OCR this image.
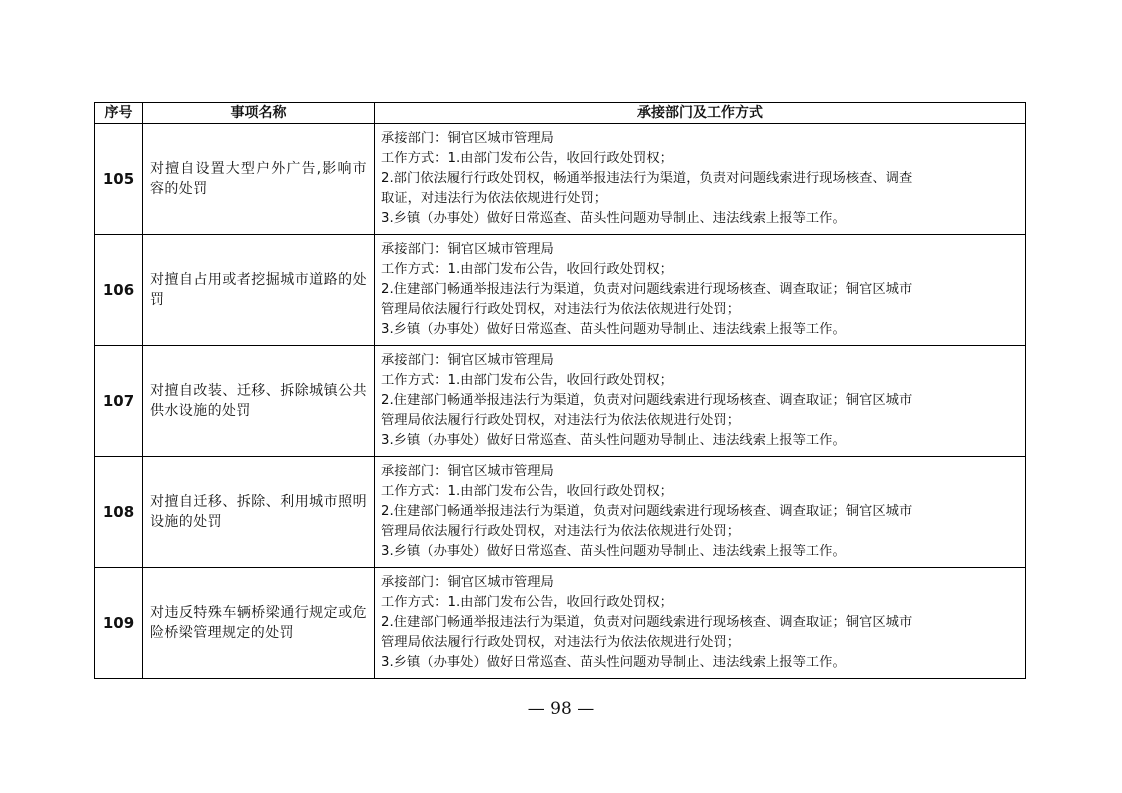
序号	事项名称	承接部门及工作方式
105	对擅自设置大型户外广告,影响市容的处罚	承接部门：铜官区城市管理局
工作方式：1.由部门发布公告，收回行政处罚权；
2.部门依法履行行政处罚权，畅通举报违法行为渠道，负责对问题线索进行现场核查、调查
取证，对违法行为依法依规进行处罚；
3.乡镇（办事处）做好日常巡查、苗头性问题劝导制止、违法线索上报等工作。

106	对擅自占用或者挖掘城市道路的处罚	承接部门：铜官区城市管理局
工作方式：1.由部门发布公告，收回行政处罚权；
2.住建部门畅通举报违法行为渠道，负责对问题线索进行现场核查、调查取证；铜官区城市
管理局依法履行行政处罚权，对违法行为依法依规进行处罚；
3.乡镇（办事处）做好日常巡查、苗头性问题劝导制止、违法线索上报等工作。

107	对擅自改装、迁移、拆除城镇公共供水设施的处罚	承接部门：铜官区城市管理局
工作方式：1.由部门发布公告，收回行政处罚权；
2.住建部门畅通举报违法行为渠道，负责对问题线索进行现场核查、调查取证；铜官区城市
管理局依法履行行政处罚权，对违法行为依法依规进行处罚；
3.乡镇（办事处）做好日常巡查、苗头性问题劝导制止、违法线索上报等工作。

108	对擅自迁移、拆除、利用城市照明设施的处罚	承接部门：铜官区城市管理局
工作方式：1.由部门发布公告，收回行政处罚权；
2.住建部门畅通举报违法行为渠道，负责对问题线索进行现场核查、调查取证；铜官区城市
管理局依法履行行政处罚权，对违法行为依法依规进行处罚；
3.乡镇（办事处）做好日常巡查、苗头性问题劝导制止、违法线索上报等工作。

109	对违反特殊车辆桥梁通行规定或危险桥梁管理规定的处罚	承接部门：铜官区城市管理局
工作方式：1.由部门发布公告，收回行政处罚权；
2.住建部门畅通举报违法行为渠道，负责对问题线索进行现场核查、调查取证；铜官区城市
管理局依法履行行政处罚权，对违法行为依法依规进行处罚；
3.乡镇（办事处）做好日常巡查、苗头性问题劝导制止、违法线索上报等工作。
— 98 —
